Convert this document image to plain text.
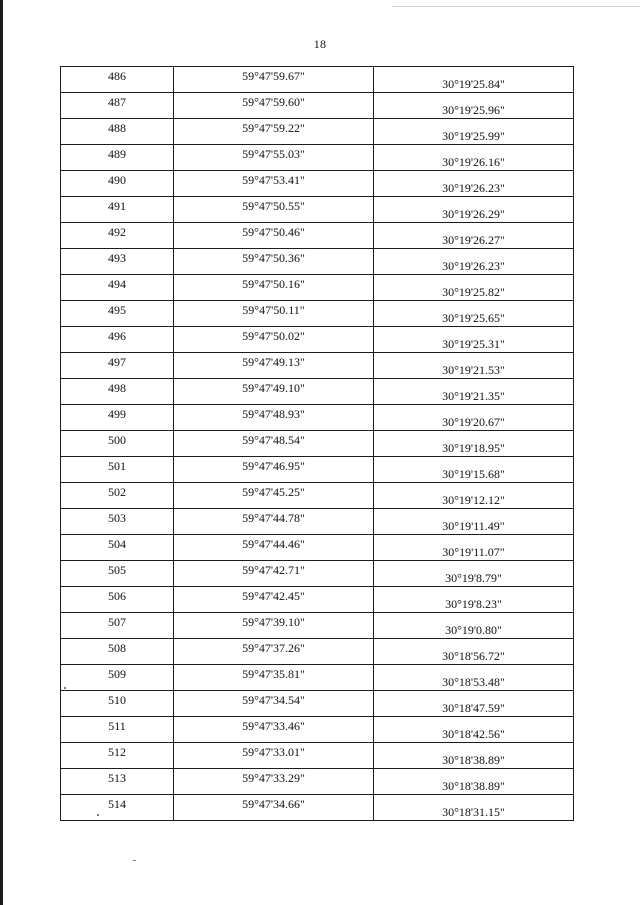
18
486	59°47'59.67"	30°19'25.84"
487	59°47'59.60"	30°19'25.96"
488	59°47'59.22"	30°19'25.99"
489	59°47'55.03"	30°19'26.16"
490	59°47'53.41"	30°19'26.23"
491	59°47'50.55"	30°19'26.29"
492	59°47'50.46"	30°19'26.27"
493	59°47'50.36"	30°19'26.23"
494	59°47'50.16"	30°19'25.82"
495	59°47'50.11"	30°19'25.65"
496	59°47'50.02"	30°19'25.31"
497	59°47'49.13"	30°19'21.53"
498	59°47'49.10"	30°19'21.35"
499	59°47'48.93"	30°19'20.67"
500	59°47'48.54"	30°19'18.95"
501	59°47'46.95"	30°19'15.68"
502	59°47'45.25"	30°19'12.12"
503	59°47'44.78"	30°19'11.49"
504	59°47'44.46"	30°19'11.07"
505	59°47'42.71"	30°19'8.79"
506	59°47'42.45"	30°19'8.23"
507	59°47'39.10"	30°19'0.80"
508	59°47'37.26"	30°18'56.72"
509	59°47'35.81"	30°18'53.48"
510	59°47'34.54"	30°18'47.59"
511	59°47'33.46"	30°18'42.56"
512	59°47'33.01"	30°18'38.89"
513	59°47'33.29"	30°18'38.89"
514	59°47'34.66"	30°18'31.15"
